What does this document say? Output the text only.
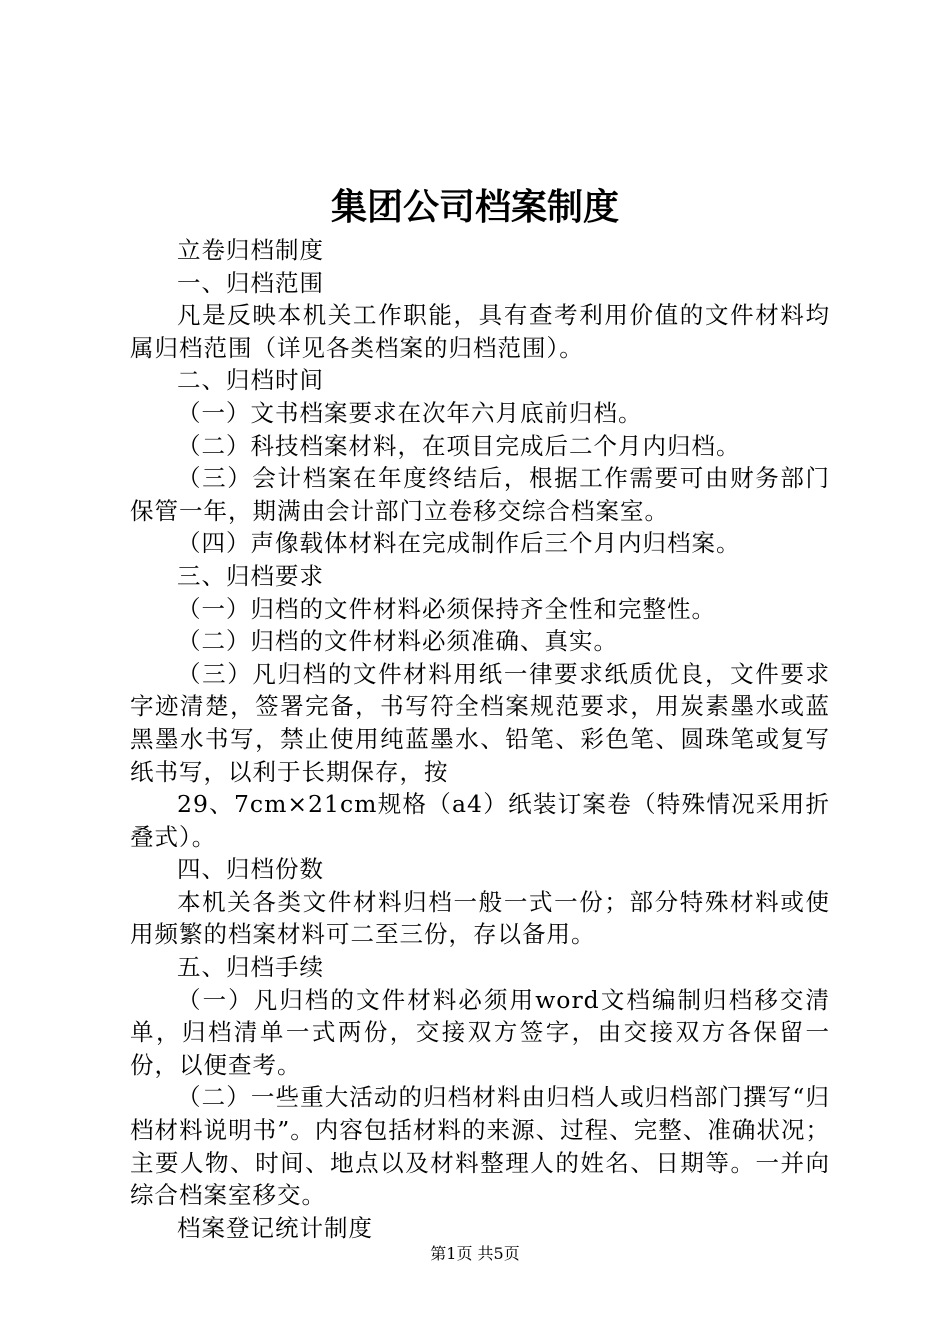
集团公司档案制度

立卷归档制度

一、归档范围

凡是反映本机关工作职能，具有查考利用价值的文件材料均属归档范围（详见各类档案的归档范围）。

二、归档时间

（一）文书档案要求在次年六月底前归档。

（二）科技档案材料，在项目完成后二个月内归档。

（三）会计档案在年度终结后，根据工作需要可由财务部门保管一年，期满由会计部门立卷移交综合档案室。

（四）声像载体材料在完成制作后三个月内归档案。

三、归档要求

（一）归档的文件材料必须保持齐全性和完整性。

（二）归档的文件材料必须准确、真实。

（三）凡归档的文件材料用纸一律要求纸质优良，文件要求字迹清楚，签署完备，书写符全档案规范要求，用炭素墨水或蓝黑墨水书写，禁止使用纯蓝墨水、铅笔、彩色笔、圆珠笔或复写纸书写，以利于长期保存，按

29、7cm×21cm规格（a4）纸装订案卷（特殊情况采用折叠式）。

四、归档份数

本机关各类文件材料归档一般一式一份；部分特殊材料或使用频繁的档案材料可二至三份，存以备用。

五、归档手续

（一）凡归档的文件材料必须用word文档编制归档移交清单，归档清单一式两份，交接双方签字，由交接双方各保留一份，以便查考。

（二）一些重大活动的归档材料由归档人或归档部门撰写“归档材料说明书”。内容包括材料的来源、过程、完整、准确状况；主要人物、时间、地点以及材料整理人的姓名、日期等。一并向综合档案室移交。

档案登记统计制度

第1页 共5页
